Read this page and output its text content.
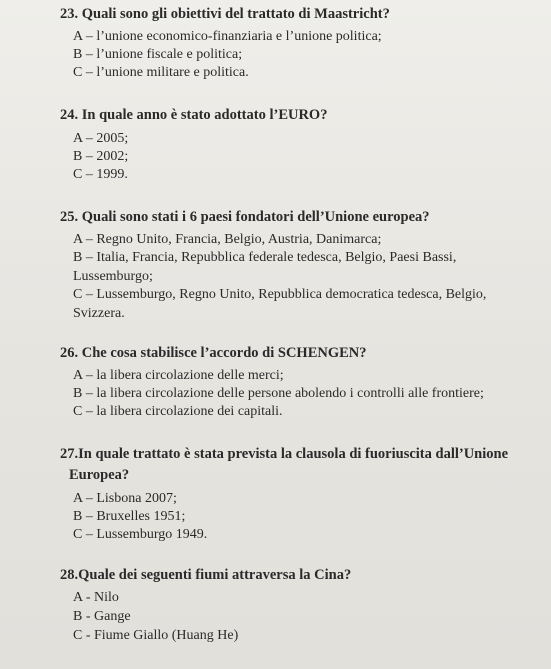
23. Quali sono gli obiettivi del trattato di Maastricht?

A – l’unione economico-finanziaria e l’unione politica;

B – l’unione fiscale e politica;

C – l’unione militare e politica.

24. In quale anno è stato adottato l’EURO?

A – 2005;

B – 2002;

C – 1999.

25. Quali sono stati i 6 paesi fondatori dell’Unione europea?

A – Regno Unito, Francia, Belgio, Austria, Danimarca;

B – Italia, Francia, Repubblica federale tedesca, Belgio, Paesi Bassi,

Lussemburgo;

C – Lussemburgo, Regno Unito, Repubblica democratica tedesca, Belgio,

Svizzera.

26. Che cosa stabilisce l’accordo di SCHENGEN?

A – la libera circolazione delle merci;

B – la libera circolazione delle persone abolendo i controlli alle frontiere;

C – la libera circolazione dei capitali.

27.In quale trattato è stata prevista la clausola di fuoriuscita dall’Unione

Europea?

A – Lisbona 2007;

B – Bruxelles 1951;

C – Lussemburgo 1949.

28.Quale dei seguenti fiumi attraversa la Cina?

A - Nilo

B - Gange

C - Fiume Giallo (Huang He)
